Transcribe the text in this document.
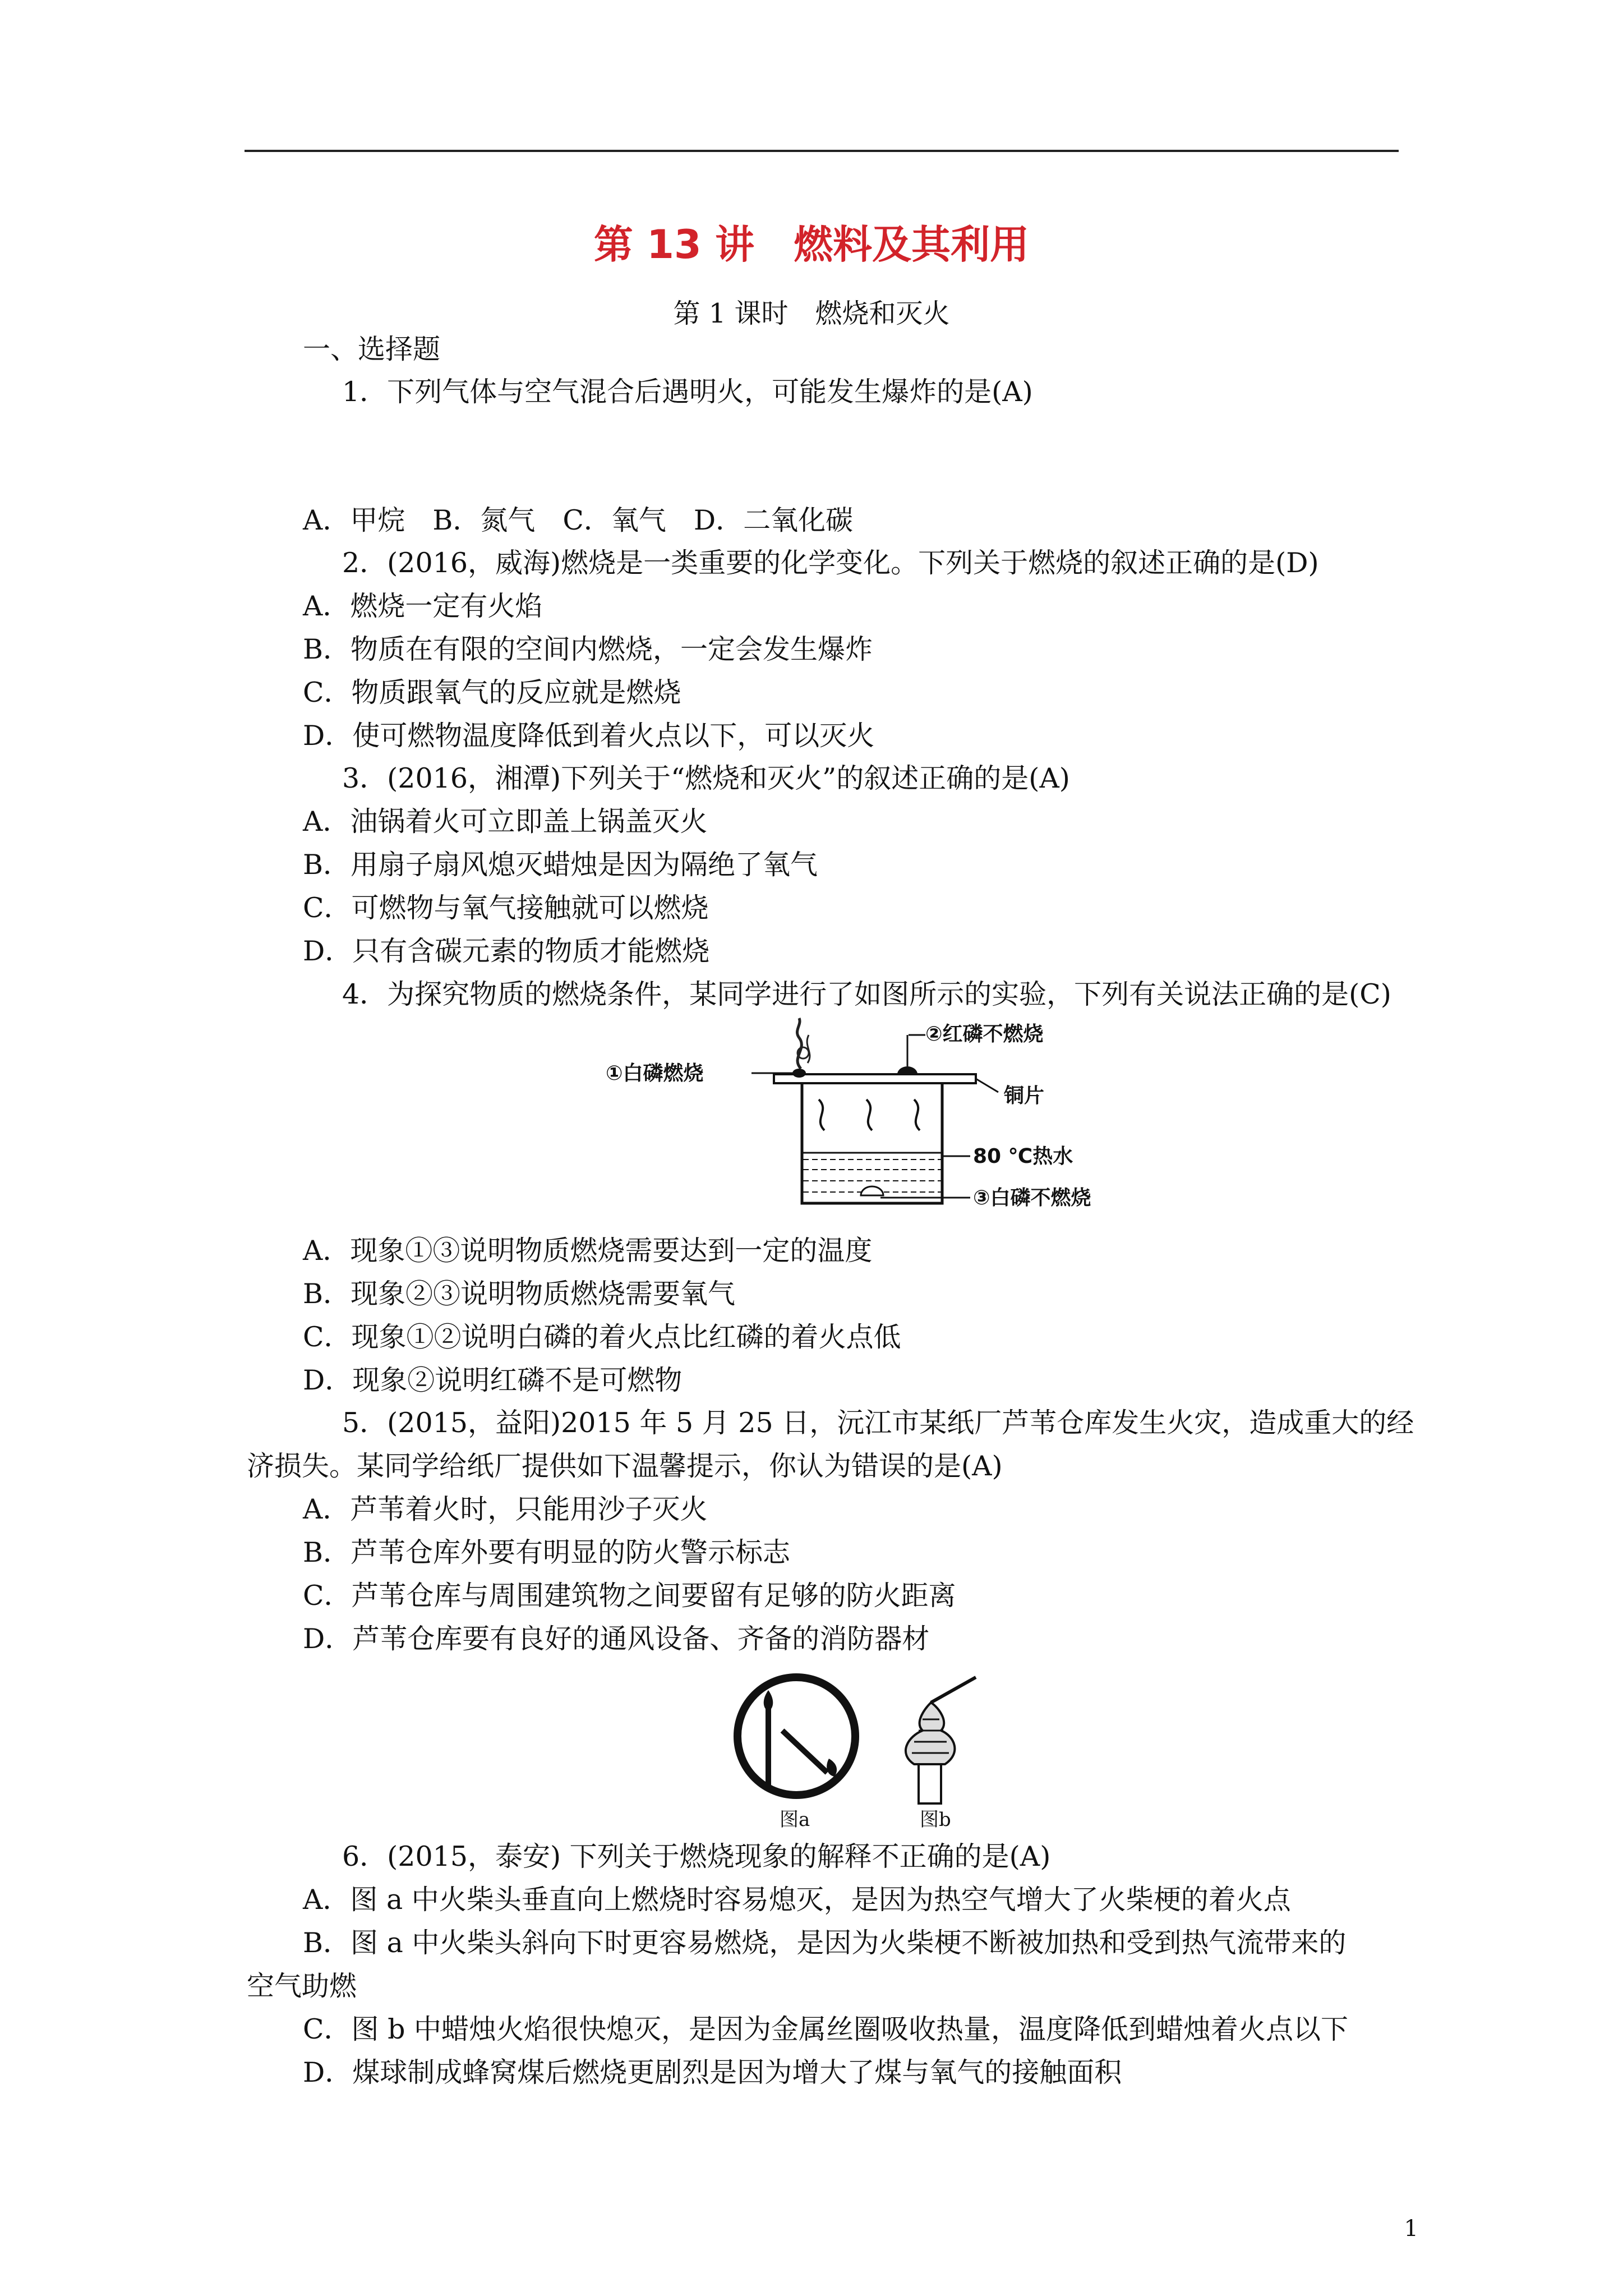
第 13 讲　燃料及其利用
第 1 课时　燃烧和灭火
一、选择题
1．下列气体与空气混合后遇明火，可能发生爆炸的是(A)
A．甲烷　B．氮气　C．氧气　D．二氧化碳
2．(2016，威海)燃烧是一类重要的化学变化。下列关于燃烧的叙述正确的是(D)
A．燃烧一定有火焰
B．物质在有限的空间内燃烧，一定会发生爆炸
C．物质跟氧气的反应就是燃烧
D．使可燃物温度降低到着火点以下，可以灭火
3．(2016，湘潭)下列关于“燃烧和灭火”的叙述正确的是(A)
A．油锅着火可立即盖上锅盖灭火
B．用扇子扇风熄灭蜡烛是因为隔绝了氧气
C．可燃物与氧气接触就可以燃烧
D．只有含碳元素的物质才能燃烧
4．为探究物质的燃烧条件，某同学进行了如图所示的实验，下列有关说法正确的是(C)
②红磷不燃烧
①白磷燃烧
铜片
80 ℃热水
③白磷不燃烧
A．现象①③说明物质燃烧需要达到一定的温度
B．现象②③说明物质燃烧需要氧气
C．现象①②说明白磷的着火点比红磷的着火点低
D．现象②说明红磷不是可燃物
5．(2015，益阳)2015 年 5 月 25 日，沅江市某纸厂芦苇仓库发生火灾，造成重大的经
济损失。某同学给纸厂提供如下温馨提示，你认为错误的是(A)
A．芦苇着火时，只能用沙子灭火
B．芦苇仓库外要有明显的防火警示标志
C．芦苇仓库与周围建筑物之间要留有足够的防火距离
D．芦苇仓库要有良好的通风设备、齐备的消防器材
图a	图b
6．(2015，泰安) 下列关于燃烧现象的解释不正确的是(A)
A．图 a 中火柴头垂直向上燃烧时容易熄灭，是因为热空气增大了火柴梗的着火点
B．图 a 中火柴头斜向下时更容易燃烧，是因为火柴梗不断被加热和受到热气流带来的
空气助燃
C．图 b 中蜡烛火焰很快熄灭，是因为金属丝圈吸收热量，温度降低到蜡烛着火点以下
D．煤球制成蜂窝煤后燃烧更剧烈是因为增大了煤与氧气的接触面积
1
